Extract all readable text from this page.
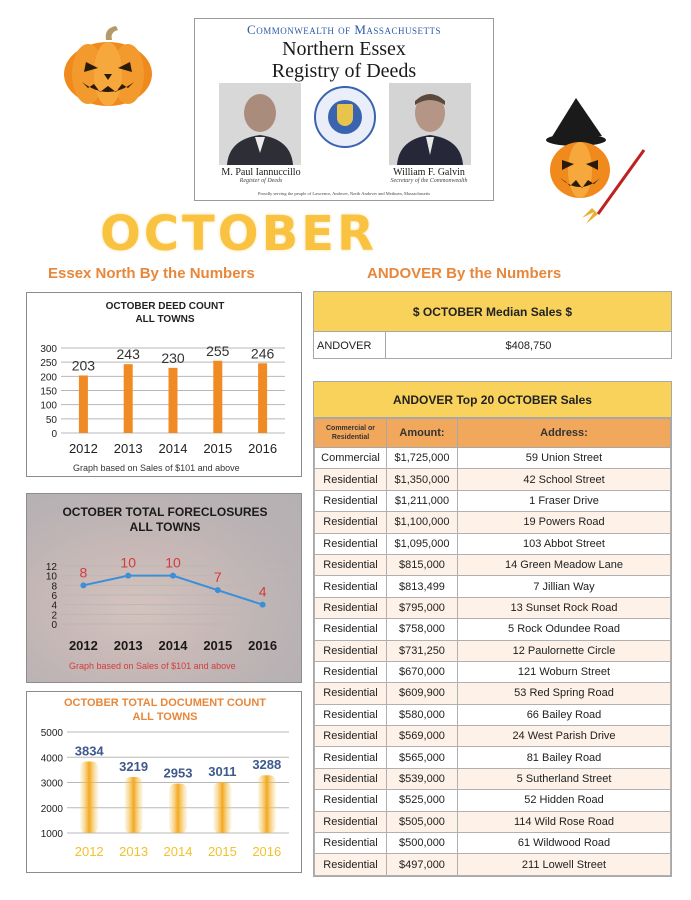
Commonwealth of Massachusetts
Northern Essex
Registry of Deeds
M. Paul Iannuccillo
Register of Deeds
William F. Galvin
Secretary of the Commonwealth
Proudly serving the people of Lawrence, Andover, North Andover and Methuen, Massachusetts
OCTOBER
Essex North By the Numbers	ANDOVER By the Numbers
OCTOBER DEED COUNT
ALL TOWNS
0
50
100
150
200
250
300
2012 2013 2014 2015 2016
203
243 230 255 246
Graph based on Sales of $101 and above
OCTOBER TOTAL FORECLOSURES
ALL TOWNS
0
2
4
6
8
10
12
2012 2013 2014 2015 2016
8
10 10
7
4
Graph based on Sales of $101 and above
OCTOBER TOTAL DOCUMENT COUNT
ALL TOWNS
1000
2000
3000
4000
5000
2012 2013 2014 2015 2016
3834
3219 2953 3011 3288
$ OCTOBER Median Sales $
ANDOVER	$408,750
ANDOVER Top 20 OCTOBER Sales
Commercial or Residential	Amount:	Address:
Commercial	$1,725,000	59 Union Street
Residential	$1,350,000	42 School Street
Residential	$1,211,000	1 Fraser Drive
Residential	$1,100,000	19 Powers Road
Residential	$1,095,000	103 Abbot Street
Residential	$815,000	14 Green Meadow Lane
Residential	$813,499	7 Jillian Way
Residential	$795,000	13 Sunset Rock Road
Residential	$758,000	5 Rock Odundee Road
Residential	$731,250	12 Paulornette Circle
Residential	$670,000	121 Woburn Street
Residential	$609,900	53 Red Spring Road
Residential	$580,000	66 Bailey Road
Residential	$569,000	24 West Parish Drive
Residential	$565,000	81 Bailey Road
Residential	$539,000	5 Sutherland Street
Residential	$525,000	52 Hidden Road
Residential	$505,000	114 Wild Rose Road
Residential	$500,000	61 Wildwood Road
Residential	$497,000	211 Lowell Street
